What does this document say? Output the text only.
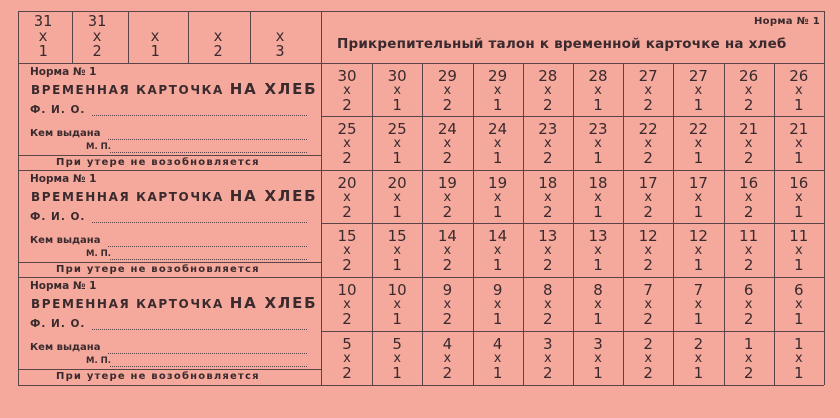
31
х
1
31
х
2

х
1

х
2

х
3
Норма № 1
Прикрепительный талон к временной карточке на хлеб
Норма № 1
ВРЕМЕННАЯ КАРТОЧКА НА ХЛЕБ
Ф. И. О.
Кем выдана
М. П.
При утере не возобновляется
Норма № 1
ВРЕМЕННАЯ КАРТОЧКА НА ХЛЕБ
Ф. И. О.
Кем выдана
М. П.
При утере не возобновляется
Норма № 1
ВРЕМЕННАЯ КАРТОЧКА НА ХЛЕБ
Ф. И. О.
Кем выдана
М. П.
При утере не возобновляется
30
х
2
30
х
1
29
х
2
29
х
1
28
х
2
28
х
1
27
х
2
27
х
1
26
х
2
26
х
1
25
х
2
25
х
1
24
х
2
24
х
1
23
х
2
23
х
1
22
х
2
22
х
1
21
х
2
21
х
1
20
х
2
20
х
1
19
х
2
19
х
1
18
х
2
18
х
1
17
х
2
17
х
1
16
х
2
16
х
1
15
х
2
15
х
1
14
х
2
14
х
1
13
х
2
13
х
1
12
х
2
12
х
1
11
х
2
11
х
1
10
х
2
10
х
1
9
х
2
9
х
1
8
х
2
8
х
1
7
х
2
7
х
1
6
х
2
6
х
1
5
х
2
5
х
1
4
х
2
4
х
1
3
х
2
3
х
1
2
х
2
2
х
1
1
х
2
1
х
1
